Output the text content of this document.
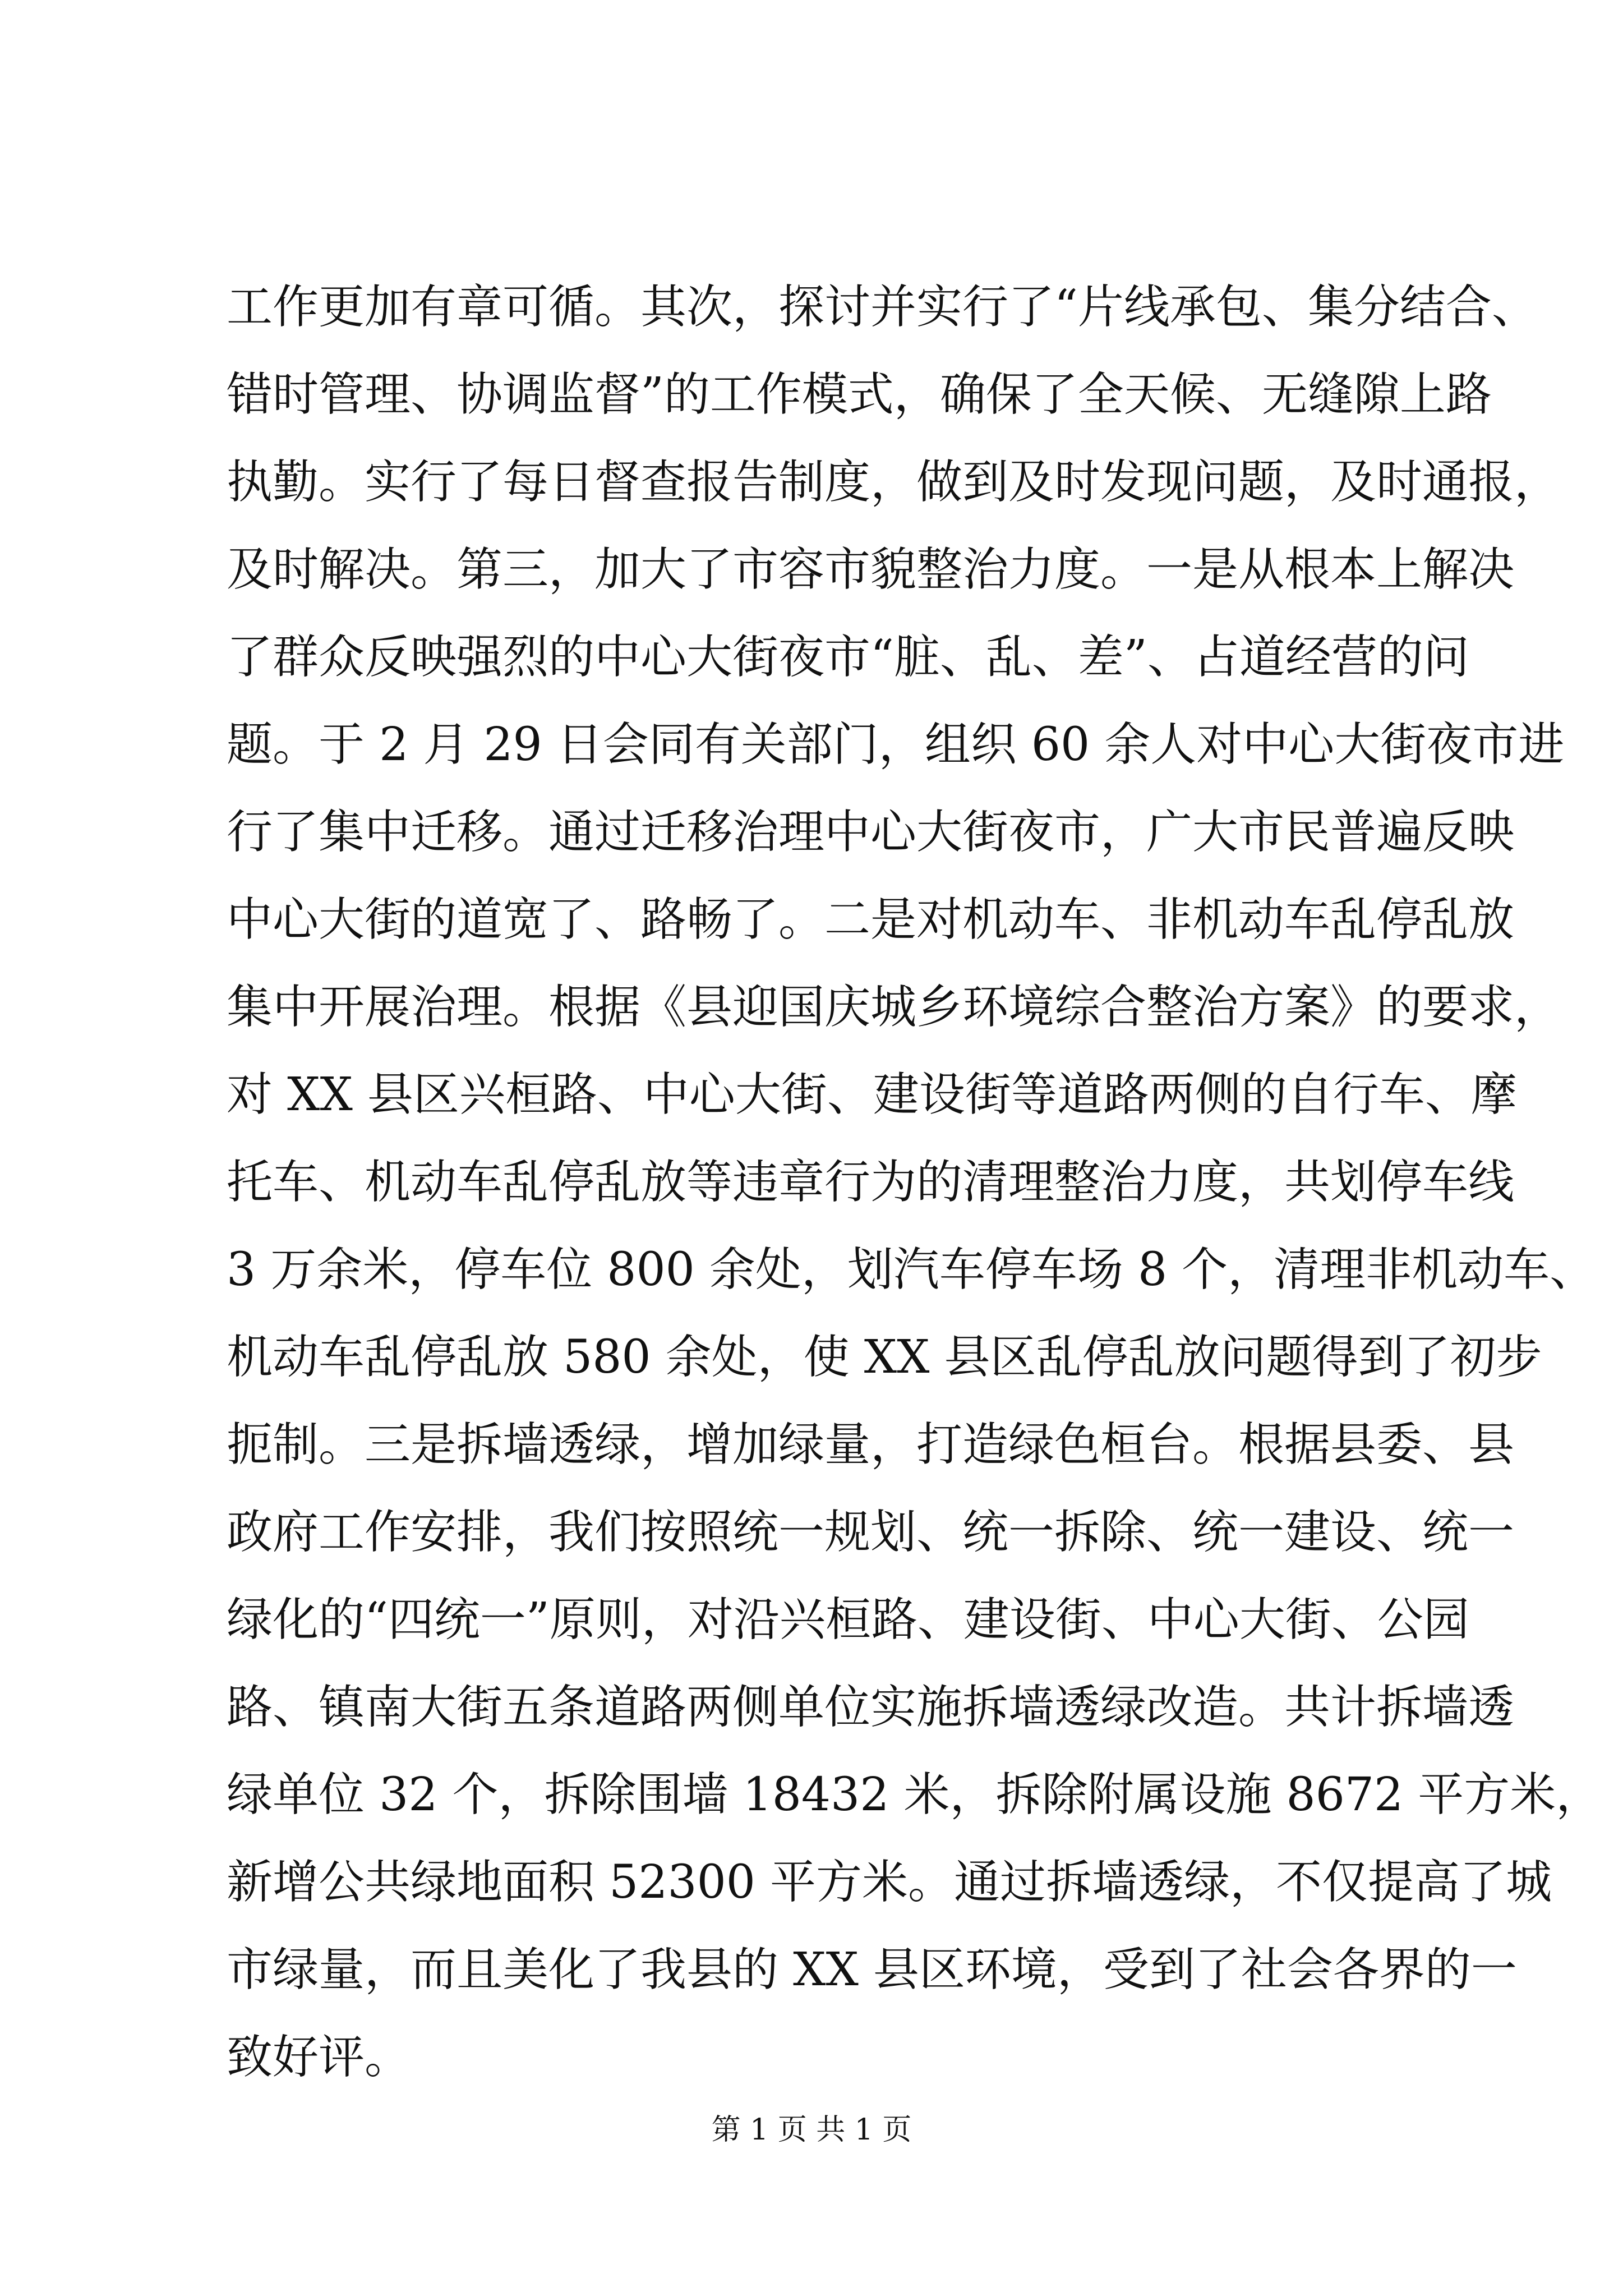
工作更加有章可循。其次，探讨并实行了“片线承包、集分结合、
错时管理、协调监督”的工作模式，确保了全天候、无缝隙上路
执勤。实行了每日督查报告制度，做到及时发现问题，及时通报，
及时解决。第三，加大了市容市貌整治力度。一是从根本上解决
了群众反映强烈的中心大街夜市“脏、乱、差”、占道经营的问
题。于 2 月 29 日会同有关部门，组织 60 余人对中心大街夜市进
行了集中迁移。通过迁移治理中心大街夜市，广大市民普遍反映
中心大街的道宽了、路畅了。二是对机动车、非机动车乱停乱放
集中开展治理。根据《县迎国庆城乡环境综合整治方案》的要求，
对 XX 县区兴桓路、中心大街、建设街等道路两侧的自行车、摩
托车、机动车乱停乱放等违章行为的清理整治力度，共划停车线
3 万余米，停车位 800 余处，划汽车停车场 8 个，清理非机动车、
机动车乱停乱放 580 余处，使 XX 县区乱停乱放问题得到了初步
扼制。三是拆墙透绿，增加绿量，打造绿色桓台。根据县委、县
政府工作安排，我们按照统一规划、统一拆除、统一建设、统一
绿化的“四统一”原则，对沿兴桓路、建设街、中心大街、公园
路、镇南大街五条道路两侧单位实施拆墙透绿改造。共计拆墙透
绿单位 32 个，拆除围墙 18432 米，拆除附属设施 8672 平方米，
新增公共绿地面积 52300 平方米。通过拆墙透绿，不仅提高了城
市绿量，而且美化了我县的 XX 县区环境，受到了社会各界的一
致好评。
第 1 页 共 1 页
